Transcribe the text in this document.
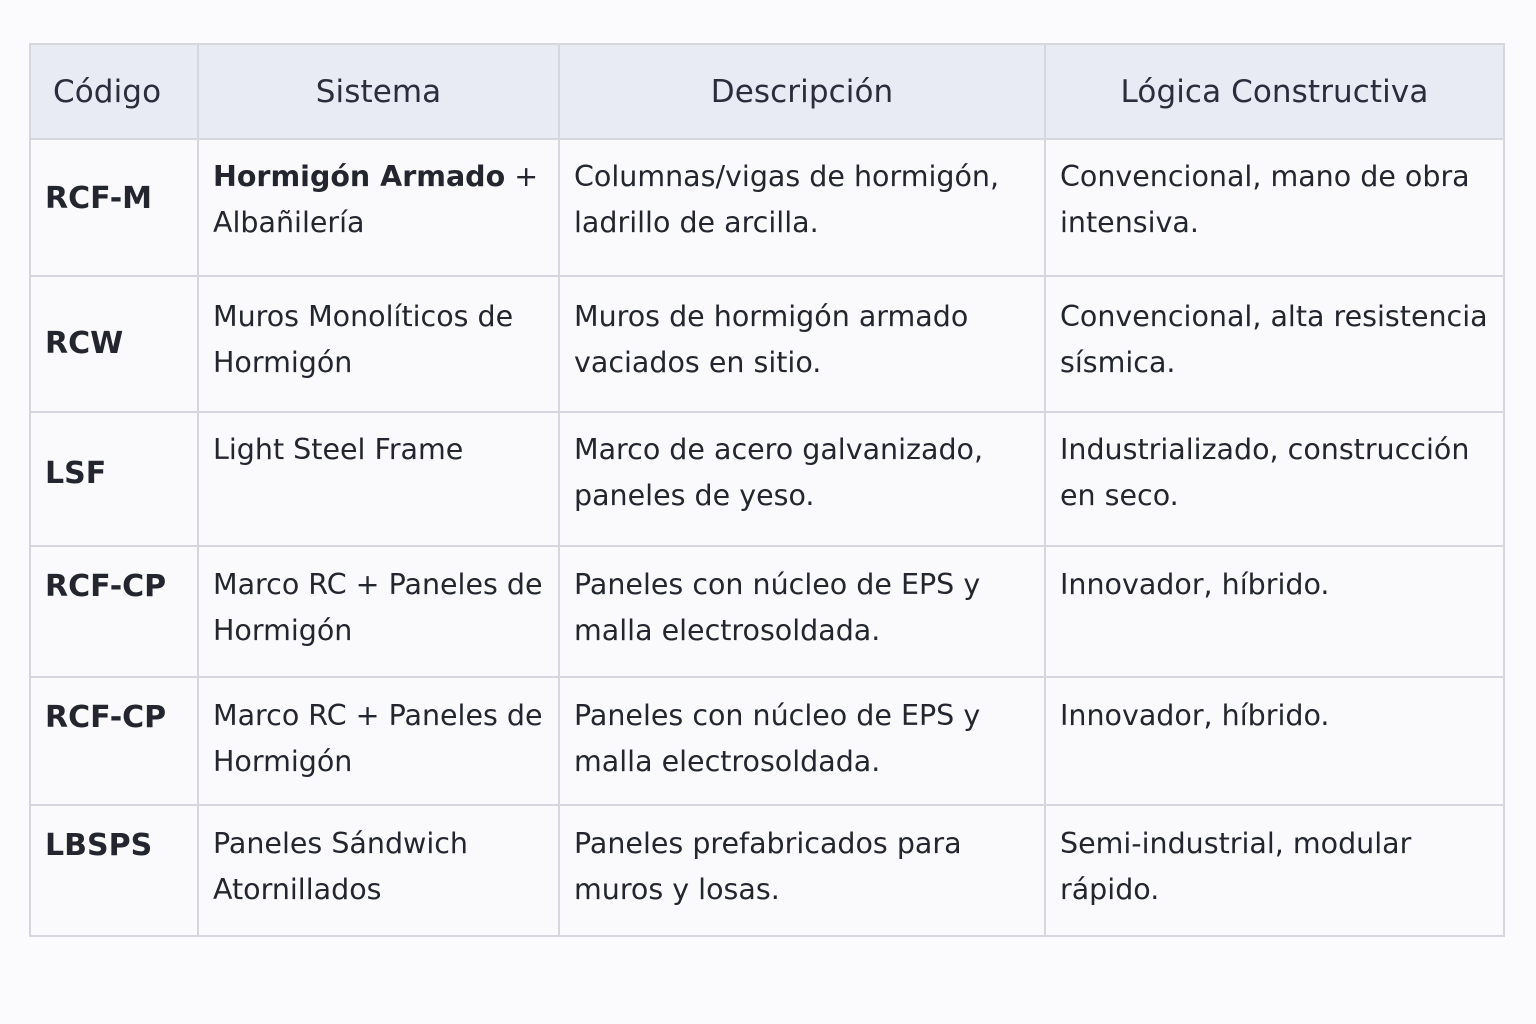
Código	Sistema	Descripción	Lógica Constructiva
RCF-M	Hormigón Armado + Albañilería	Columnas/vigas de hormigón, ladrillo de arcilla.	Convencional, mano de obra intensiva.
RCW	Muros Monolíticos de Hormigón	Muros de hormigón armado vaciados en sitio.	Convencional, alta resistencia sísmica.
LSF	Light Steel Frame	Marco de acero galvanizado, paneles de yeso.	Industrializado, construcción en seco.
RCF-CP	Marco RC + Paneles de Hormigón	Paneles con núcleo de EPS y malla electrosoldada.	Innovador, híbrido.
RCF-CP	Marco RC + Paneles de Hormigón	Paneles con núcleo de EPS y malla electrosoldada.	Innovador, híbrido.
LBSPS	Paneles Sándwich Atornillados	Paneles prefabricados para muros y losas.	Semi-industrial, modular rápido.
